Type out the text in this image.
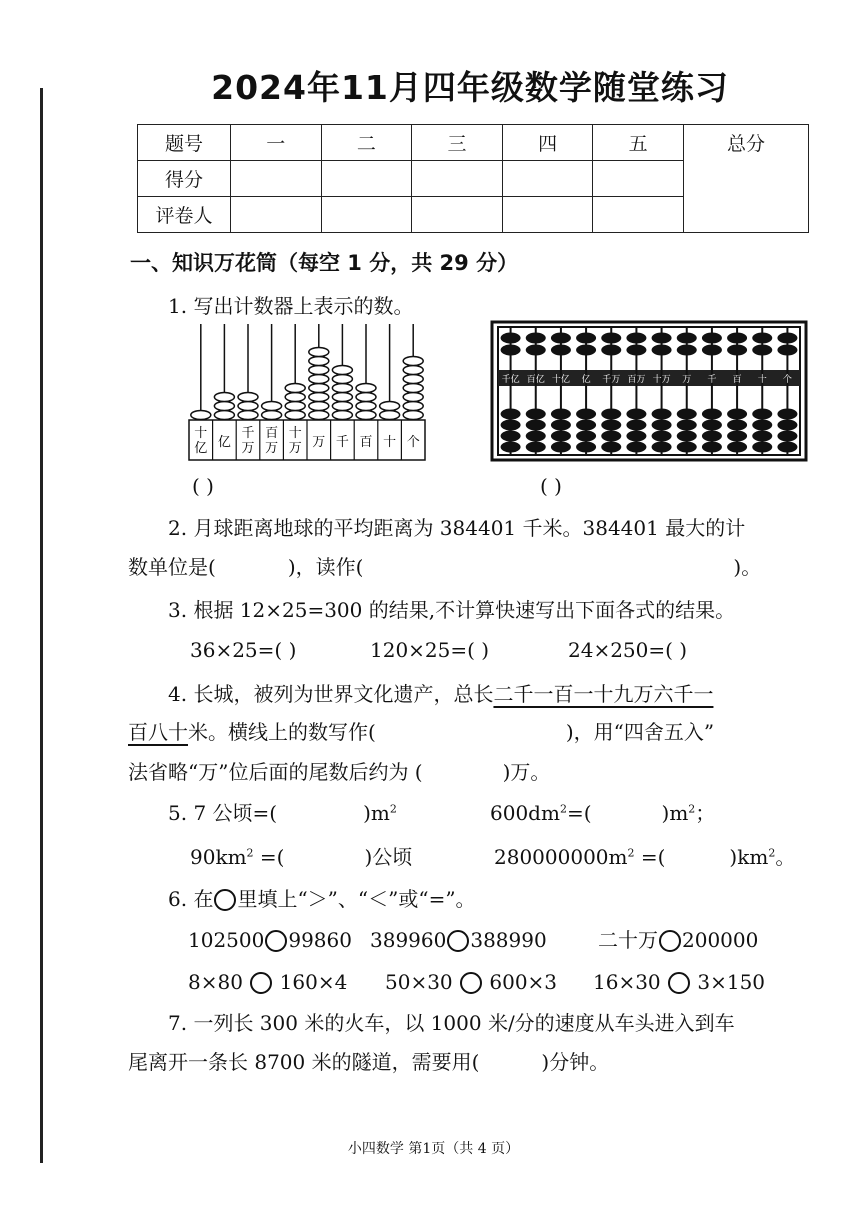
2024年11月四年级数学随堂练习
题号	一	二	三	四	五	总分
得分						
评卷人						
一、知识万花筒（每空 1 分，共 29 分）
1. 写出计数器上表示的数。
十
亿 亿
千
万
百
万
十
万 万 千 百 十 个
( )
千亿 百亿 十亿 亿 千万 百万 十万 万 千 百 十 个
( )
2. 月球距离地球的平均距离为 384401 千米。384401 最大的计
数单位是(	)，读作(	)。
3. 根据 12×25=300 的结果,不计算快速写出下面各式的结果。
36×25=( )	120×25=( )	24×250=( )
4. 长城，被列为世界文化遗产，总长二千一百一十九万六千一
百八十米。横线上的数写作(	)，用“四舍五入”
法省略“万”位后面的尾数后约为 (	)万。
5. 7 公顷=(	)$m^2$	$600dm^2=$(	)$m^2$；
$90km^2$ =(	)公顷	$280000000m^2$ =(	)$km^2$。
6. 在 里填上“＞”、“＜”或“=”。
102500 99860 389960 388990	二十万 200000
8×80 160×4 50×30 600×3 16×30 3×150
7. 一列长 300 米的火车，以 1000 米/分的速度从车头进入到车
尾离开一条长 8700 米的隧道，需要用(	)分钟。
小四数学 第1页（共 4 页）
